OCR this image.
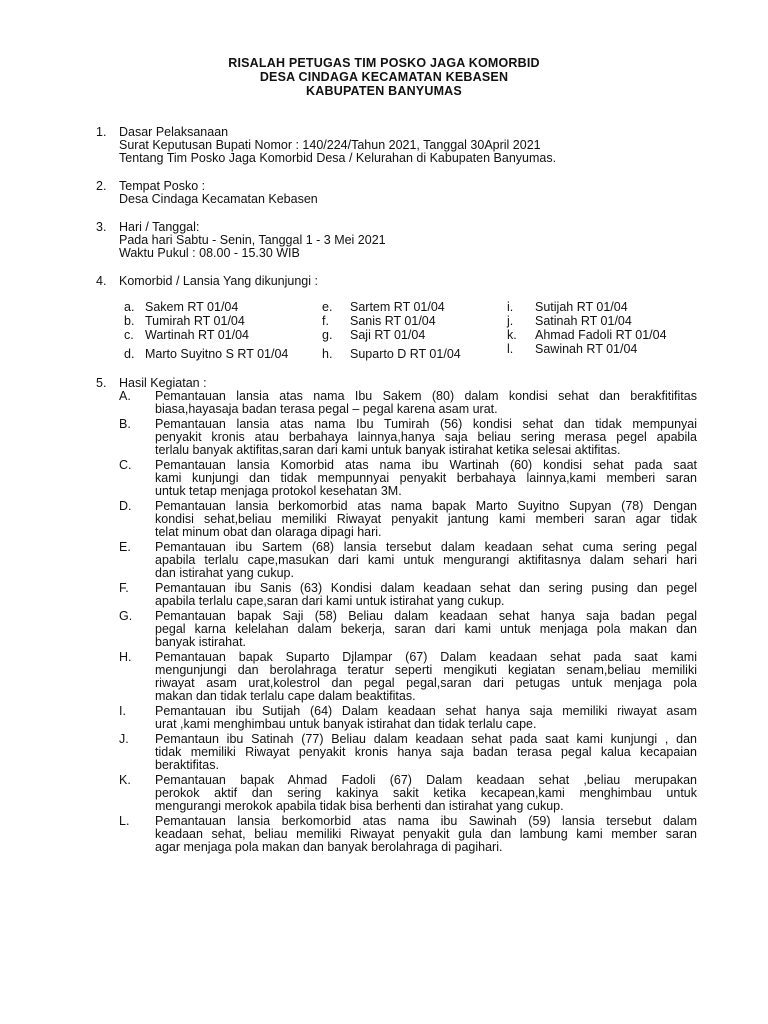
RISALAH PETUGAS TIM POSKO JAGA KOMORBID
DESA CINDAGA KECAMATAN KEBASEN
KABUPATEN BANYUMAS
1. Dasar Pelaksanaan
Surat Keputusan Bupati Nomor : 140/224/Tahun 2021, Tanggal 30April 2021
Tentang Tim Posko Jaga Komorbid Desa / Kelurahan di Kabupaten Banyumas.
2. Tempat Posko :
Desa Cindaga Kecamatan Kebasen
3. Hari / Tanggal:
Pada hari Sabtu - Senin, Tanggal 1 - 3 Mei 2021
Waktu Pukul : 08.00 - 15.30 WIB
4. Komorbid / Lansia Yang dikunjungi :
a. Sakem RT 01/04
b. Tumirah RT 01/04
c. Wartinah RT 01/04
d. Marto Suyitno S RT 01/04
e. Sartem RT 01/04
f. Sanis RT 01/04
g. Saji RT 01/04
h. Suparto D RT 01/04
i. Sutijah RT 01/04
j. Satinah RT 01/04
k. Ahmad Fadoli RT 01/04
l. Sawinah RT 01/04
5. Hasil Kegiatan :
A. Pemantauan lansia atas nama Ibu Sakem (80) dalam kondisi sehat dan berakfitifitas
biasa,hayasaja badan terasa pegal – pegal karena asam urat.
B. Pemantauan lansia atas nama Ibu Tumirah (56) kondisi sehat dan tidak mempunyai
penyakit kronis atau berbahaya lainnya,hanya saja beliau sering merasa pegel apabila
terlalu banyak aktifitas,saran dari kami untuk banyak istirahat ketika selesai aktifitas.
C. Pemantauan lansia Komorbid atas nama ibu Wartinah (60) kondisi sehat pada saat
kami kunjungi dan tidak mempunnyai penyakit berbahaya lainnya,kami memberi saran
untuk tetap menjaga protokol kesehatan 3M.
D. Pemantauan lansia berkomorbid atas nama bapak Marto Suyitno Supyan (78) Dengan
kondisi sehat,beliau memiliki Riwayat penyakit jantung kami memberi saran agar tidak
telat minum obat dan olaraga dipagi hari.
E. Pemantauan ibu Sartem (68) lansia tersebut dalam keadaan sehat cuma sering pegal
apabila terlalu cape,masukan dari kami untuk mengurangi aktifitasnya dalam sehari hari
dan istirahat yang cukup.
F. Pemantauan ibu Sanis (63) Kondisi dalam keadaan sehat dan sering pusing dan pegel
apabila terlalu cape,saran dari kami untuk istirahat yang cukup.
G. Pemantauan bapak Saji (58) Beliau dalam keadaan sehat hanya saja badan pegal
pegal karna kelelahan dalam bekerja, saran dari kami untuk menjaga pola makan dan
banyak istirahat.
H. Pemantauan bapak Suparto Djlampar (67) Dalam keadaan sehat pada saat kami
mengunjungi dan berolahraga teratur seperti mengikuti kegiatan senam,beliau memiliki
riwayat asam urat,kolestrol dan pegal pegal,saran dari petugas untuk menjaga pola
makan dan tidak terlalu cape dalam beaktifitas.
I. Pemantauan ibu Sutijah (64) Dalam keadaan sehat hanya saja memiliki riwayat asam
urat ,kami menghimbau untuk banyak istirahat dan tidak terlalu cape.
J. Pemantaun ibu Satinah (77) Beliau dalam keadaan sehat pada saat kami kunjungi , dan
tidak memiliki Riwayat penyakit kronis hanya saja badan terasa pegal kalua kecapaian
beraktifitas.
K. Pemantauan bapak Ahmad Fadoli (67) Dalam keadaan sehat ,beliau merupakan
perokok aktif dan sering kakinya sakit ketika kecapean,kami menghimbau untuk
mengurangi merokok apabila tidak bisa berhenti dan istirahat yang cukup.
L. Pemantauan lansia berkomorbid atas nama ibu Sawinah (59) lansia tersebut dalam
keadaan sehat, beliau memiliki Riwayat penyakit gula dan lambung kami member saran
agar menjaga pola makan dan banyak berolahraga di pagihari.
